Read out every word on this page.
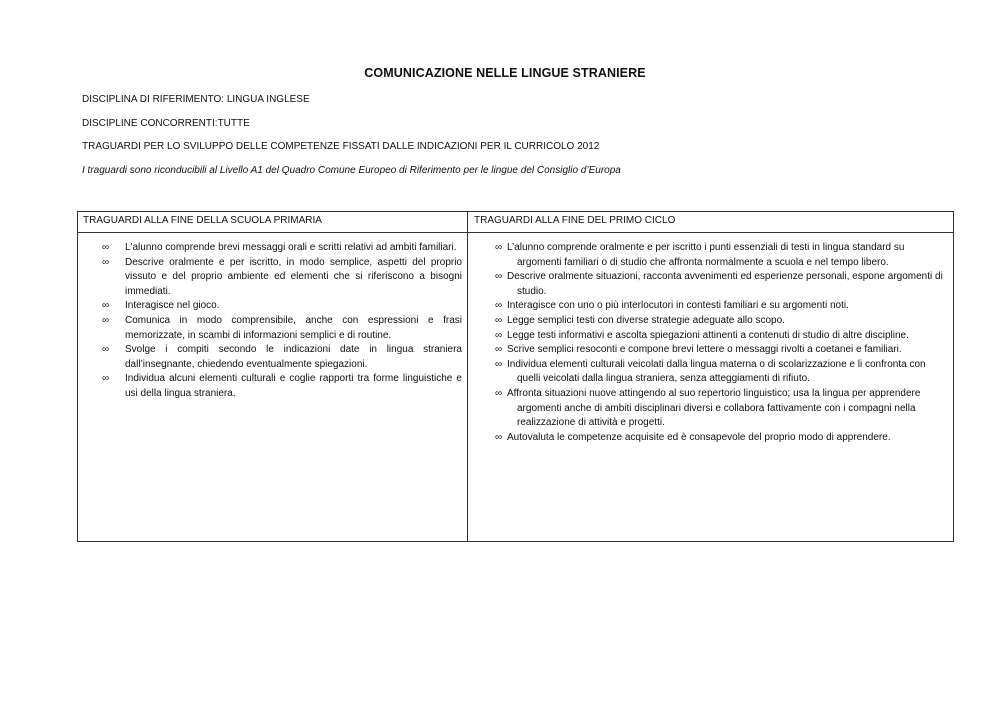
COMUNICAZIONE NELLE LINGUE STRANIERE
DISCIPLINA DI RIFERIMENTO: LINGUA INGLESE
DISCIPLINE CONCORRENTI:TUTTE
TRAGUARDI PER LO SVILUPPO DELLE COMPETENZE FISSATI DALLE INDICAZIONI PER IL CURRICOLO 2012
I traguardi sono riconducibili al Livello A1 del Quadro Comune Europeo di Riferimento per le lingue del Consiglio d’Europa
TRAGUARDI ALLA FINE DELLA SCUOLA PRIMARIA	TRAGUARDI ALLA FINE DEL PRIMO CICLO
∞ L'alunno comprende brevi messaggi orali e scritti relativi ad ambiti familiari.
∞ Descrive oralmente e per iscritto, in modo semplice, aspetti del proprio vissuto e del proprio ambiente ed elementi che si riferiscono a bisogni immediati.
∞ Interagisce nel gioco.
∞ Comunica in modo comprensibile, anche con espressioni e frasi memorizzate, in scambi di informazioni semplici e di routine.
∞ Svolge i compiti secondo le indicazioni date in lingua straniera dall’insegnante, chiedendo eventualmente spiegazioni.
∞ Individua alcuni elementi culturali e coglie rapporti tra forme linguistiche e usi della lingua straniera.
∞ L’alunno comprende oralmente e per iscritto i punti essenziali di testi in lingua standard su argomenti familiari o di studio che affronta normalmente a scuola e nel tempo libero.
∞ Descrive oralmente situazioni, racconta avvenimenti ed esperienze personali, espone argomenti di studio.
∞ Interagisce con uno o più interlocutori in contesti familiari e su argomenti noti.
∞ Legge semplici testi con diverse strategie adeguate allo scopo.
∞ Legge testi informativi e ascolta spiegazioni attinenti a contenuti di studio di altre discipline.
∞ Scrive semplici resoconti e compone brevi lettere o messaggi rivolti a coetanei e familiari.
∞ Individua elementi culturali veicolati dalla lingua materna o di scolarizzazione e li confronta con quelli veicolati dalla lingua straniera, senza atteggiamenti di rifiuto.
∞ Affronta situazioni nuove attingendo al suo repertorio linguistico; usa la lingua per apprendere argomenti anche di ambiti disciplinari diversi e collabora fattivamente con i compagni nella realizzazione di attività e progetti.
∞ Autovaluta le competenze acquisite ed è consapevole del proprio modo di apprendere.
